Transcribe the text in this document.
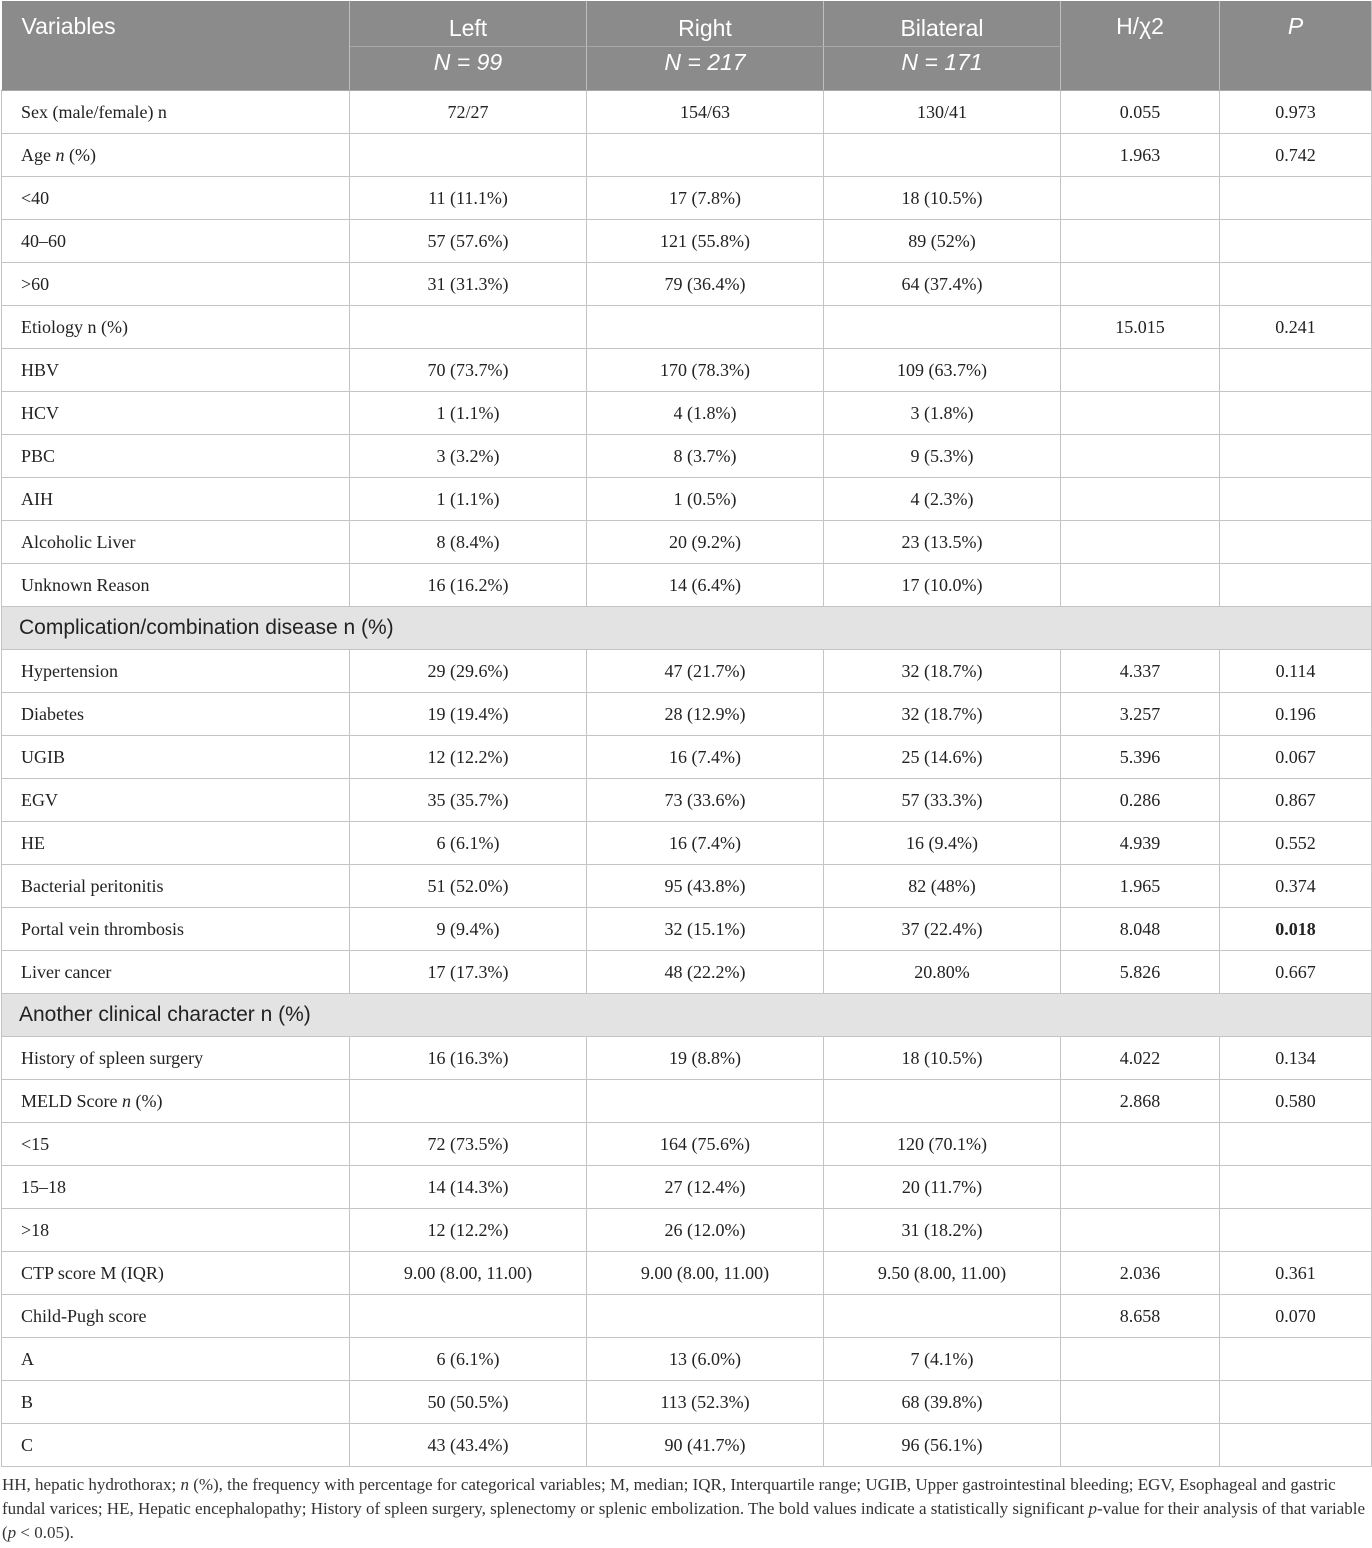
Variables	Left	Right	Bilateral	H/χ2	P
	N = 99	N = 217	N = 171		
Sex (male/female) n	72/27	154/63	130/41	0.055	0.973
Age n (%)				1.963	0.742
<40	11 (11.1%)	17 (7.8%)	18 (10.5%)		
40–60	57 (57.6%)	121 (55.8%)	89 (52%)		
>60	31 (31.3%)	79 (36.4%)	64 (37.4%)		
Etiology n (%)				15.015	0.241
HBV	70 (73.7%)	170 (78.3%)	109 (63.7%)		
HCV	1 (1.1%)	4 (1.8%)	3 (1.8%)		
PBC	3 (3.2%)	8 (3.7%)	9 (5.3%)		
AIH	1 (1.1%)	1 (0.5%)	4 (2.3%)		
Alcoholic Liver	8 (8.4%)	20 (9.2%)	23 (13.5%)		
Unknown Reason	16 (16.2%)	14 (6.4%)	17 (10.0%)		
Complication/combination disease n (%)					
Hypertension	29 (29.6%)	47 (21.7%)	32 (18.7%)	4.337	0.114
Diabetes	19 (19.4%)	28 (12.9%)	32 (18.7%)	3.257	0.196
UGIB	12 (12.2%)	16 (7.4%)	25 (14.6%)	5.396	0.067
EGV	35 (35.7%)	73 (33.6%)	57 (33.3%)	0.286	0.867
HE	6 (6.1%)	16 (7.4%)	16 (9.4%)	4.939	0.552
Bacterial peritonitis	51 (52.0%)	95 (43.8%)	82 (48%)	1.965	0.374
Portal vein thrombosis	9 (9.4%)	32 (15.1%)	37 (22.4%)	8.048	0.018
Liver cancer	17 (17.3%)	48 (22.2%)	20.80%	5.826	0.667
Another clinical character n (%)					
History of spleen surgery	16 (16.3%)	19 (8.8%)	18 (10.5%)	4.022	0.134
MELD Score n (%)				2.868	0.580
<15	72 (73.5%)	164 (75.6%)	120 (70.1%)		
15–18	14 (14.3%)	27 (12.4%)	20 (11.7%)		
>18	12 (12.2%)	26 (12.0%)	31 (18.2%)		
CTP score M (IQR)	9.00 (8.00, 11.00)	9.00 (8.00, 11.00)	9.50 (8.00, 11.00)	2.036	0.361
Child-Pugh score				8.658	0.070
A	6 (6.1%)	13 (6.0%)	7 (4.1%)		
B	50 (50.5%)	113 (52.3%)	68 (39.8%)		
C	43 (43.4%)	90 (41.7%)	96 (56.1%)		
HH, hepatic hydrothorax; n (%), the frequency with percentage for categorical variables; M, median; IQR, Interquartile range; UGIB, Upper gastrointestinal bleeding; EGV, Esophageal and gastric fundal varices; HE, Hepatic encephalopathy; History of spleen surgery, splenectomy or splenic embolization. The bold values indicate a statistically significant p-value for their analysis of that variable (p < 0.05).
